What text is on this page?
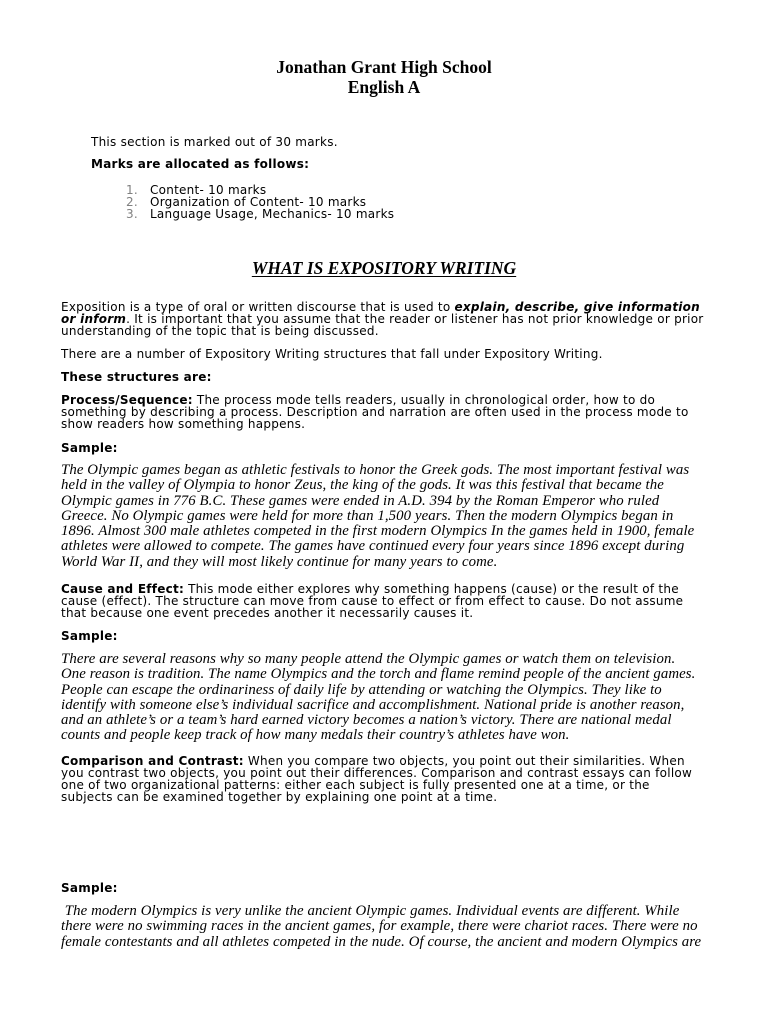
Jonathan Grant High School
English A
This section is marked out of 30 marks.
Marks are allocated as follows:
1. Content- 10 marks
2. Organization of Content- 10 marks
3. Language Usage, Mechanics- 10 marks
WHAT IS EXPOSITORY WRITING
Exposition is a type of oral or written discourse that is used to explain, describe, give information
or inform. It is important that you assume that the reader or listener has not prior knowledge or prior
understanding of the topic that is being discussed.
There are a number of Expository Writing structures that fall under Expository Writing.
These structures are:
Process/Sequence: The process mode tells readers, usually in chronological order, how to do
something by describing a process. Description and narration are often used in the process mode to
show readers how something happens.
Sample:
The Olympic games began as athletic festivals to honor the Greek gods. The most important festival was
held in the valley of Olympia to honor Zeus, the king of the gods. It was this festival that became the
Olympic games in 776 B.C. These games were ended in A.D. 394 by the Roman Emperor who ruled
Greece. No Olympic games were held for more than 1,500 years. Then the modern Olympics began in
1896. Almost 300 male athletes competed in the first modern Olympics In the games held in 1900, female
athletes were allowed to compete. The games have continued every four years since 1896 except during
World War II, and they will most likely continue for many years to come.
Cause and Effect: This mode either explores why something happens (cause) or the result of the
cause (effect). The structure can move from cause to effect or from effect to cause. Do not assume
that because one event precedes another it necessarily causes it.
Sample:
There are several reasons why so many people attend the Olympic games or watch them on television.
One reason is tradition. The name Olympics and the torch and flame remind people of the ancient games.
People can escape the ordinariness of daily life by attending or watching the Olympics. They like to
identify with someone else’s individual sacrifice and accomplishment. National pride is another reason,
and an athlete’s or a team’s hard earned victory becomes a nation’s victory. There are national medal
counts and people keep track of how many medals their country’s athletes have won.
Comparison and Contrast: When you compare two objects, you point out their similarities. When
you contrast two objects, you point out their differences. Comparison and contrast essays can follow
one of two organizational patterns: either each subject is fully presented one at a time, or the
subjects can be examined together by explaining one point at a time.
Sample:
The modern Olympics is very unlike the ancient Olympic games. Individual events are different. While
there were no swimming races in the ancient games, for example, there were chariot races. There were no
female contestants and all athletes competed in the nude. Of course, the ancient and modern Olympics are
